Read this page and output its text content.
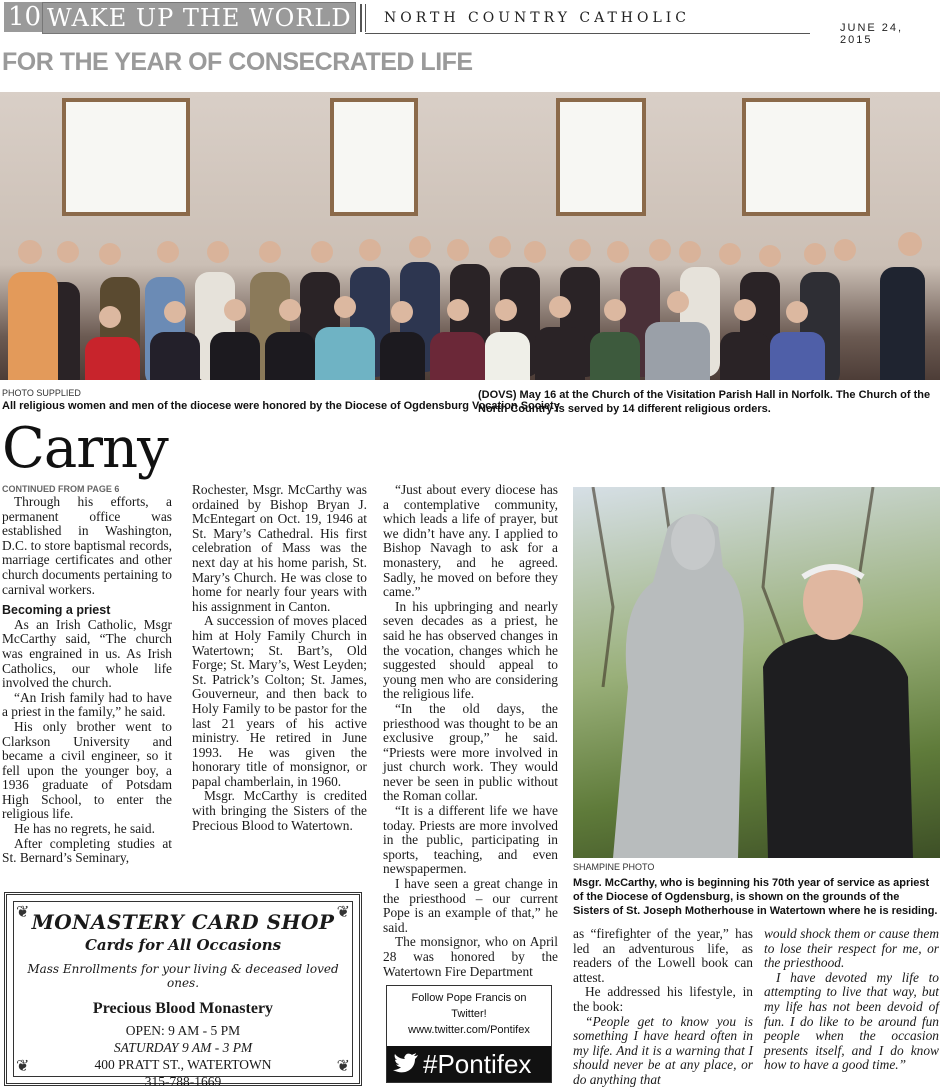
10 WAKE UP THE WORLD NORTH COUNTRY CATHOLIC
JUNE 24, 2015
FOR THE YEAR OF CONSECRATED LIFE
PHOTO SUPPLIED
All religious women and men of the diocese were honored by the Diocese of Ogdensburg Vocation Society
(DOVS) May 16 at the Church of the Visitation Parish Hall in Norfolk. The Church of the North Country is served by 14 different religious orders.
Carny
CONTINUED FROM PAGE 6

Through his efforts, a permanent office was established in Washington, D.C. to store baptismal records, marriage certificates and other church documents pertaining to carnival workers.

Becoming a priest

As an Irish Catholic, Msgr McCarthy said, “The church was engrained in us. As Irish Catholics, our whole life involved the church.

“An Irish family had to have a priest in the family,” he said.

His only brother went to Clarkson University and became a civil engineer, so it fell upon the younger boy, a 1936 graduate of Potsdam High School, to enter the religious life.

He has no regrets, he said.

After completing studies at St. Bernard’s Seminary,

Rochester, Msgr. McCarthy was ordained by Bishop Bryan J. McEntegart on Oct. 19, 1946 at St. Mary’s Cathedral. His first celebration of Mass was the next day at his home parish, St. Mary’s Church. He was close to home for nearly four years with his assignment in Canton.

A succession of moves placed him at Holy Family Church in Watertown; St. Bart’s, Old Forge; St. Mary’s, West Leyden; St. Patrick’s Colton; St. James, Gouverneur, and then back to Holy Family to be pastor for the last 21 years of his active ministry. He retired in June 1993. He was given the honorary title of monsignor, or papal chamberlain, in 1960.

Msgr. McCarthy is credited with bringing the Sisters of the Precious Blood to Watertown.

“Just about every diocese has a contemplative community, which leads a life of prayer, but we didn’t have any. I applied to Bishop Navagh to ask for a monastery, and he agreed. Sadly, he moved on before they came.”

In his upbringing and nearly seven decades as a priest, he said he has observed changes in the vocation, changes which he suggested should appeal to young men who are considering the religious life.

“In the old days, the priesthood was thought to be an exclusive group,” he said. “Priests were more involved in just church work. They would never be seen in public without the Roman collar.

“It is a different life we have today. Priests are more involved in the public, participating in sports, teaching, and even newspapermen.

I have seen a great change in the priesthood – our current Pope is an example of that,” he said.

The monsignor, who on April 28 was honored by the Watertown Fire Department

SHAMPINE PHOTO
Msgr. McCarthy, who is beginning his 70th year of service as apriest of the Diocese of Ogdensburg, is shown on the grounds of the Sisters of St. Joseph Motherhouse in Watertown where he is residing.

as “firefighter of the year,” has led an adventurous life, as readers of the Lowell book can attest.

He addressed his lifestyle, in the book:

“People get to know you is something I have heard often in my life. And it is a warning that I should never be at any place, or do anything that

would shock them or cause them to lose their respect for me, or the priesthood.

I have devoted my life to attempting to live that way, but my life has not been devoid of fun. I do like to be around fun people when the occasion presents itself, and I do know how to have a good time.”

❦	❦
❦	❦
MONASTERY CARD SHOP
Cards for All Occasions
Mass Enrollments for your living & deceased loved ones.
Precious Blood Monastery
OPEN: 9 AM - 5 PM
SATURDAY 9 AM - 3 PM
400 PRATT ST., WATERTOWN
315-788-1669
Follow Pope Francis on
Twitter!
www.twitter.com/Pontifex
#Pontifex
